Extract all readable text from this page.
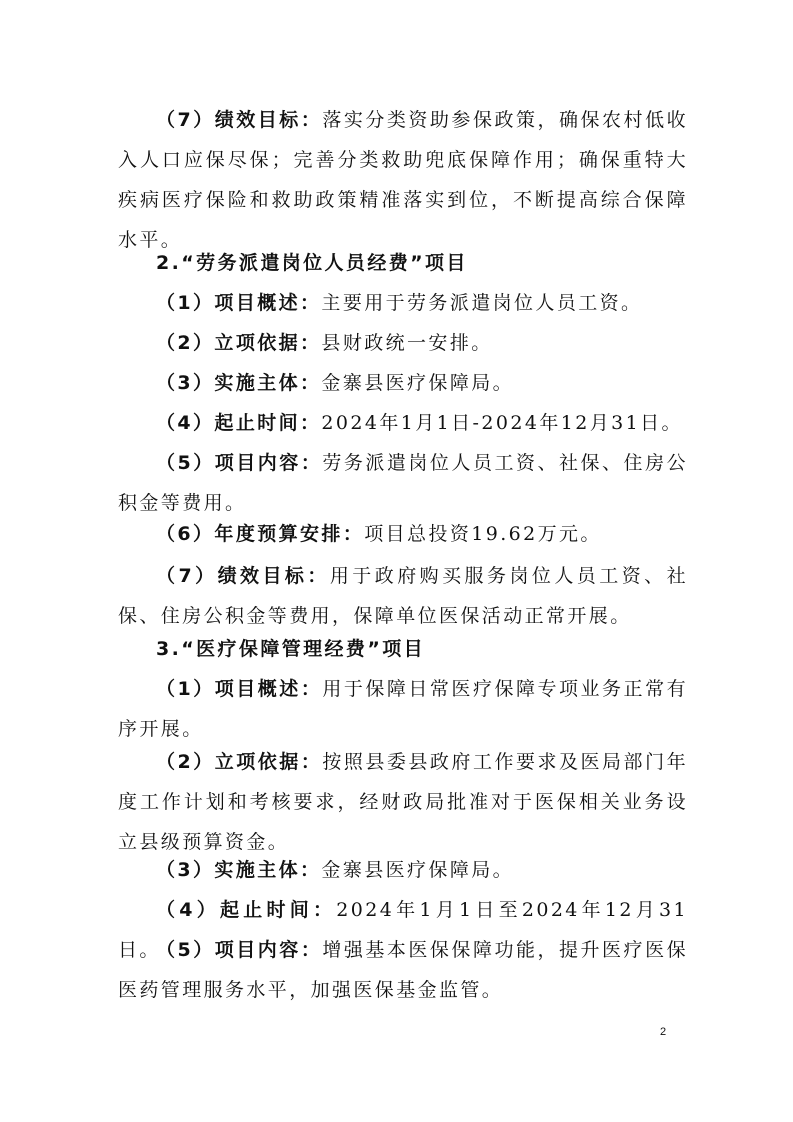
（7）绩效目标：落实分类资助参保政策，确保农村低收入人口应保尽保；完善分类救助兜底保障作用；确保重特大疾病医疗保险和救助政策精准落实到位，不断提高综合保障水平。

2.“劳务派遣岗位人员经费”项目

（1）项目概述：主要用于劳务派遣岗位人员工资。

（2）立项依据：县财政统一安排。

（3）实施主体：金寨县医疗保障局。

（4）起止时间：2024年1月1日-2024年12月31日。

（5）项目内容：劳务派遣岗位人员工资、社保、住房公积金等费用。

（6）年度预算安排：项目总投资19.62万元。

（7）绩效目标：用于政府购买服务岗位人员工资、社保、住房公积金等费用，保障单位医保活动正常开展。

3.“医疗保障管理经费”项目

（1）项目概述：用于保障日常医疗保障专项业务正常有序开展。

（2）立项依据：按照县委县政府工作要求及医局部门年度工作计划和考核要求，经财政局批准对于医保相关业务设立县级预算资金。

（3）实施主体：金寨县医疗保障局。

（4）起止时间：2024年1月1日至2024年12月31日。

（5）项目内容：增强基本医保保障功能，提升医疗医保医药管理服务水平，加强医保基金监管。

2
